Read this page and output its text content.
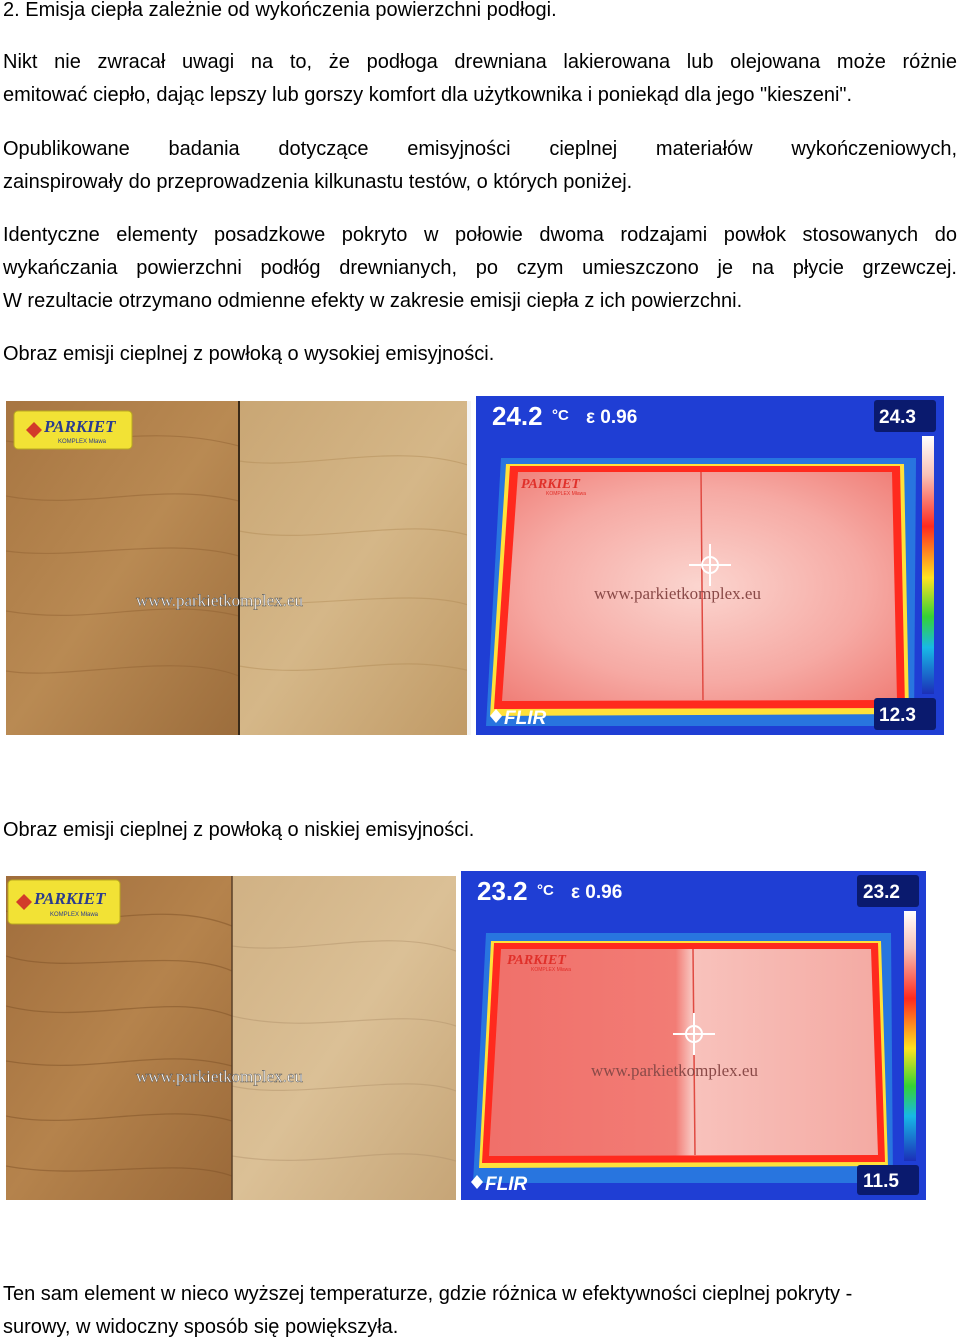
2. Emisja ciepła zależnie od wykończenia powierzchni podłogi.

Nikt nie zwracał uwagi na to, że podłoga drewniana lakierowana lub olejowana może różnie

emitować ciepło, dając lepszy lub gorszy komfort dla użytkownika i poniekąd dla jego "kieszeni".

Opublikowane badania dotyczące emisyjności cieplnej materiałów wykończeniowych,

zainspirowały do przeprowadzenia kilkunastu testów, o których poniżej.

Identyczne elementy posadzkowe pokryto w połowie dwoma rodzajami powłok stosowanych do

wykańczania powierzchni podłóg drewnianych, po czym umieszczono je na płycie grzewczej.

W rezultacie otrzymano odmienne efekty w zakresie emisji ciepła z ich powierzchni.

Obraz emisji cieplnej z powłoką o wysokiej emisyjności.

PARKIET
KOMPLEX Mława
www.parkietkomplex.eu
PARKIET
KOMPLEX Mława
www.parkietkomplex.eu
24.2 °C ε 0.96	24.3
12.3
FLIR

Obraz emisji cieplnej z powłoką o niskiej emisyjności.

PARKIET
KOMPLEX Mława
www.parkietkomplex.eu
PARKIET
KOMPLEX Mława
www.parkietkomplex.eu
23.2 °C ε 0.96	23.2
11.5
FLIR

Ten sam element w nieco wyższej temperaturze, gdzie różnica w efektywności cieplnej pokryty -

surowy, w widoczny sposób się powiększyła.
